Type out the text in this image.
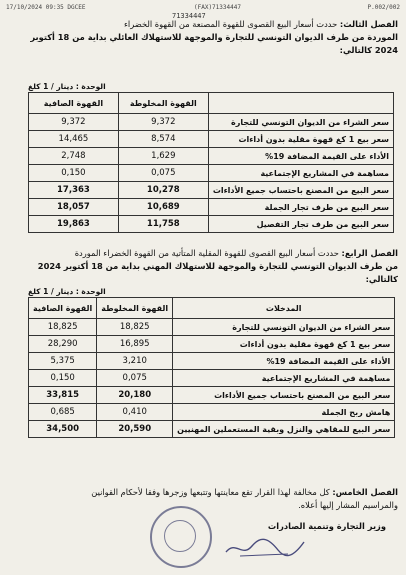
17/10/2024 09:35 DGCEE	(FAX)71334447	P.002/002
71334447
الفصل الثالث: حددت أسعار البيع القصوى للقهوة المصنعة من القهوة الخضراء
الموردة من طرف الديوان التونسي للتجارة والموجهة للاستهلاك العائلي بداية من 18 أكتوبر
2024 كالتالي:
الوحدة : دينار / 1 كلغ
	القهوة المخلوطة	القهوة الصافية
سعر الشراء من الديوان التونسي للتجارة	9,372	9,372
سعر بيع 1 كغ قهوة مقلية بدون أداءات	8,574	14,465
الأداء على القيمة المضافة 19%	1,629	2,748
مساهمة في المشاريع الإجتماعية	0,075	0,150
سعر البيع من المصنع باحتساب جميع الأداءات	10,278	17,363
سعر البيع من طرف تجار الجملة	10,689	18,057
سعر البيع من طرف تجار التفصيل	11,758	19,863
الفصل الرابع: حددت أسعار البيع القصوى للقهوة المقلية المتأتية من القهوة الخضراء الموردة
من طرف الديوان التونسي للتجارة والموجهة للاستهلاك المهني بداية من 18 أكتوبر 2024
كالتالي:
الوحدة : دينار / 1 كلغ
المدخلات	القهوة المخلوطة	القهوة الصافية
سعر الشراء من الديوان التونسي للتجارة	18,825	18,825
سعر بيع 1 كغ قهوة مقلية بدون أداءات	16,895	28,290
الأداء على القيمة المضافة 19%	3,210	5,375
مساهمة في المشاريع الإجتماعية	0,075	0,150
سعر البيع من المصنع باحتساب جميع الأداءات	20,180	33,815
هامش ربح الجملة	0,410	0,685
سعر البيع للمقاهي والنزل وبقية المستعملين المهنيين	20,590	34,500
الفصل الخامس: كل مخالفة لهذا القرار تقع معاينتها وتتبعها وزجرها وفقا لأحكام القوانين
والمراسيم المشار إليها أعلاه.
وزير التجارة وتنمية الصادرات
